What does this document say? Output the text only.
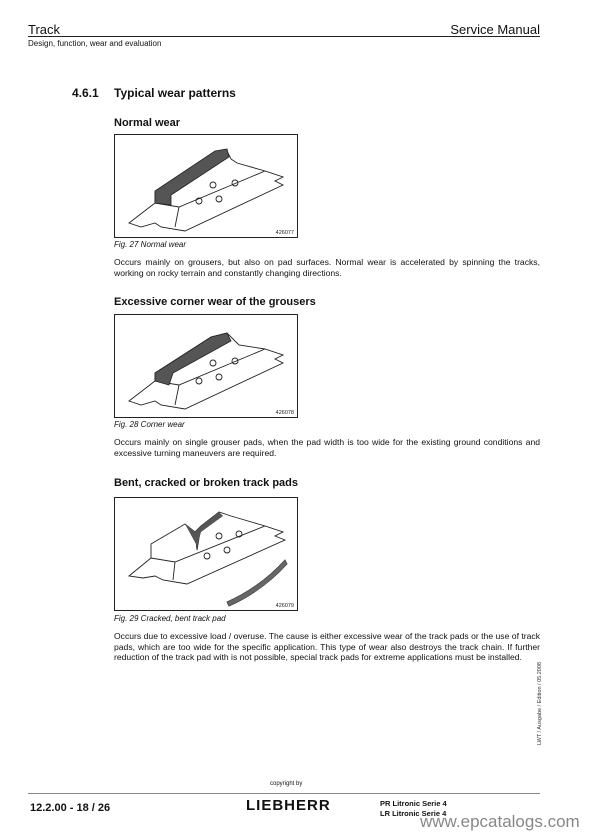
Track	Service Manual
Design, function, wear and evaluation
4.6.1 Typical wear patterns
Normal wear
426077
Fig. 27 Normal wear
Occurs mainly on grousers, but also on pad surfaces. Normal wear is accelerated by spinning the tracks, working on rocky terrain and constantly changing directions.
Excessive corner wear of the grousers
426078
Fig. 28 Corner wear
Occurs mainly on single grouser pads, when the pad width is too wide for the existing ground conditions and excessive turning maneuvers are required.
Bent, cracked or broken track pads
426079
Fig. 29 Cracked, bent track pad
Occurs due to excessive load / overuse. The cause is either excessive wear of the track pads or the use of track pads, which are too wide for the specific application. This type of wear also destroys the track chain. If further reduction of the track pad with is not possible, special track pads for extreme applications must be installed.
LWT / Ausgabe / Edition / 05.2008
12.2.00 - 18 / 26
copyright by
LIEBHERR	PR Litronic Serie 4
LR Litronic Serie 4
www.epcatalogs.com
